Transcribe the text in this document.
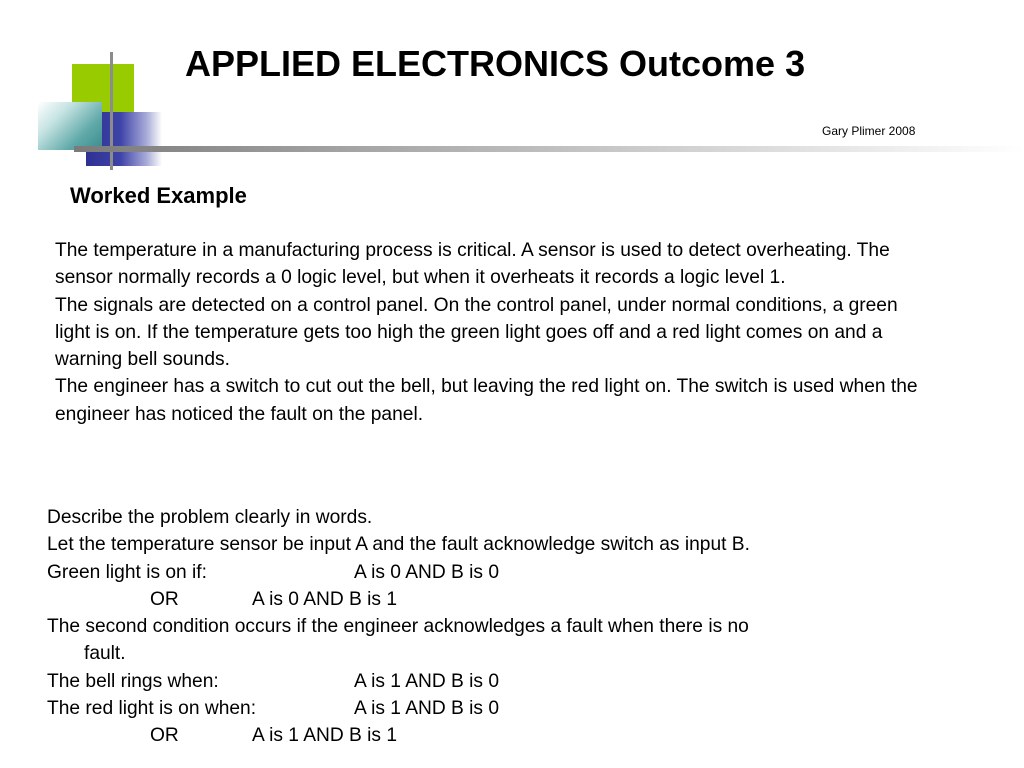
APPLIED ELECTRONICS Outcome 3
Gary Plimer 2008
Worked Example

The temperature in a manufacturing process is critical. A sensor is used to detect overheating. The sensor normally records a 0 logic level, but when it overheats it records a logic level 1.

The signals are detected on a control panel. On the control panel, under normal conditions, a green light is on. If the temperature gets too high the green light goes off and a red light comes on and a warning bell sounds.

The engineer has a switch to cut out the bell, but leaving the red light on. The switch is used when the engineer has noticed the fault on the panel.

Describe the problem clearly in words.
Let the temperature sensor be input A and the fault acknowledge switch as input B.
Green light is on if:	A is 0 AND B is 0
OR	A is 0 AND B is 1
The second condition occurs if the engineer acknowledges a fault when there is no
fault.
The bell rings when:	A is 1 AND B is 0
The red light is on when:	A is 1 AND B is 0
OR	A is 1 AND B is 1
